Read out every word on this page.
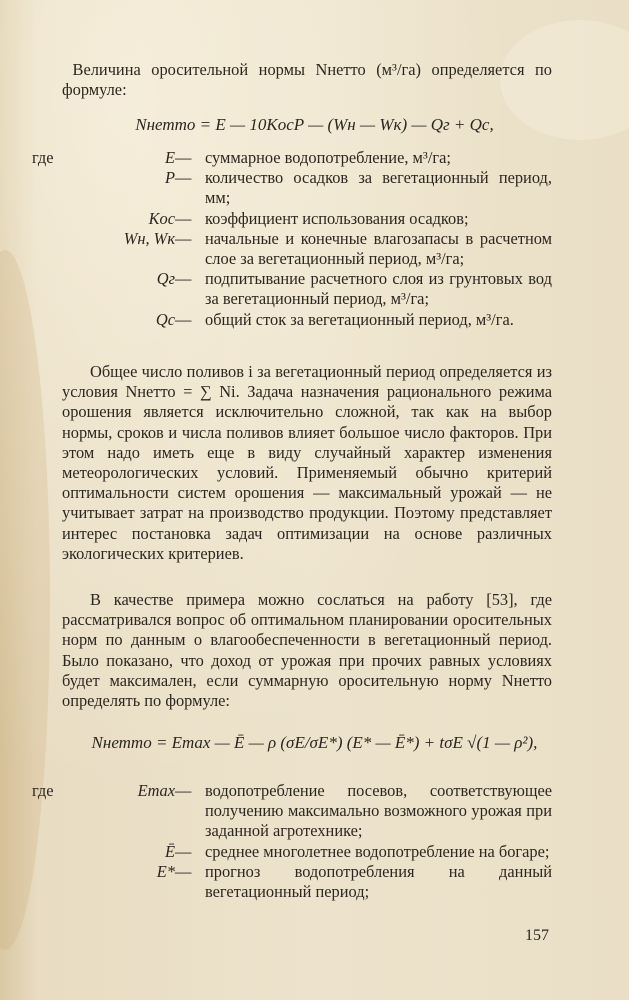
Величина оросительной нормы Nнетто (м³/га) определяется по формуле:
Nнетто = E — 10KосP — (Wн — Wк) — Qг + Qс,
где	E — суммарное водопотребление, м³/га;
P — количество осадков за вегетационный период, мм;
Kос — коэффициент использования осадков;
Wн, Wк — начальные и конечные влагозапасы в расчетном слое за вегетационный период, м³/га;
Qг — подпитывание расчетного слоя из грунтовых вод за вегетационный период, м³/га;
Qс — общий сток за вегетационный период, м³/га.
Общее число поливов i за вегетационный период определяется из условия Nнетто = ∑ Ni. Задача назначения рационального режима орошения является исключительно сложной, так как на выбор нормы, сроков и числа поливов влияет большое число факторов. При этом надо иметь еще в виду случайный характер изменения метеорологических условий. Применяемый обычно критерий оптимальности систем орошения — максимальный урожай — не учитывает затрат на производство продукции. Поэтому представляет интерес постановка задач оптимизации на основе различных экологических критериев.
В качестве примера можно сослаться на работу [53], где рассматривался вопрос об оптимальном планировании оросительных норм по данным о влагообеспеченности в вегетационный период. Было показано, что доход от урожая при прочих равных условиях будет максимален, если суммарную оросительную норму Nнетто определять по формуле:
Nнетто = Emax — Ē — ρ (σE/σE*) (E* — Ē*) + tσE √(1 — ρ²),
где	Emax — водопотребление посевов, соответствующее получению максимально возможного урожая при заданной агротехнике;
Ē — среднее многолетнее водопотребление на богаре;
E* — прогноз водопотребления на данный вегетационный период;
157
